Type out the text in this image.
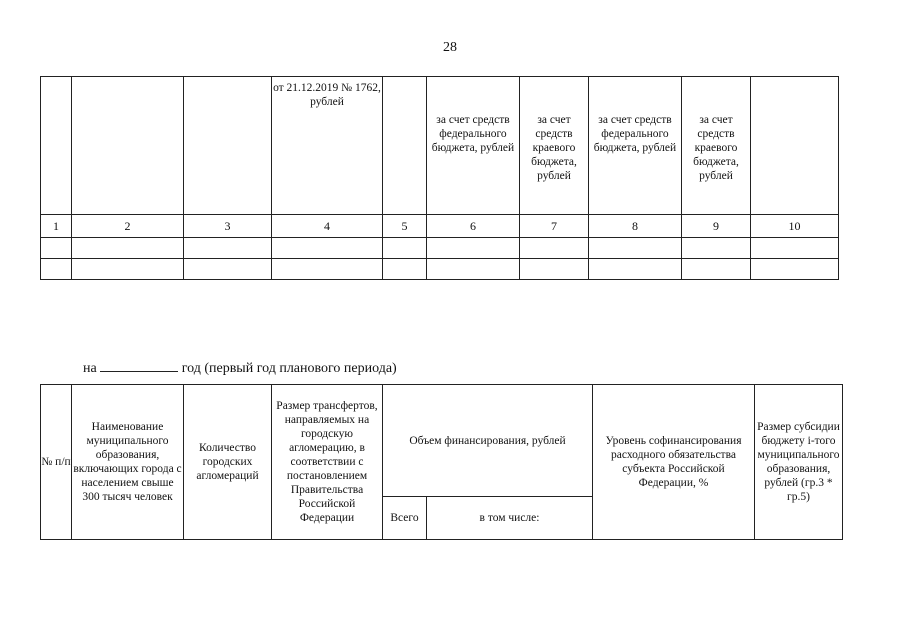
28
			от 21.12.2019 № 1762, рублей		за счет средств федерального бюджета, рублей	за счет средств краевого бюджета, рублей	за счет средств федерального бюджета, рублей	за счет средств краевого бюджета, рублей	
1	2	3	4	5	6	7	8	9	10

на	год (первый год планового периода)
№ п/п	Наименование муниципального образования, включающих города с населением свыше 300 тысяч человек	Количество городских агломераций	Размер трансфертов, направляемых на городскую агломерацию, в соответствии с постановлением Правительства Российской Федерации	Объем финансирования, рублей		Уровень софинансирования расходного обязательства субъекта Российской Федерации, %	Размер субсидии бюджету i-того муниципального образования, рублей (гр.3 * гр.5)
				Всего	в том числе:		
